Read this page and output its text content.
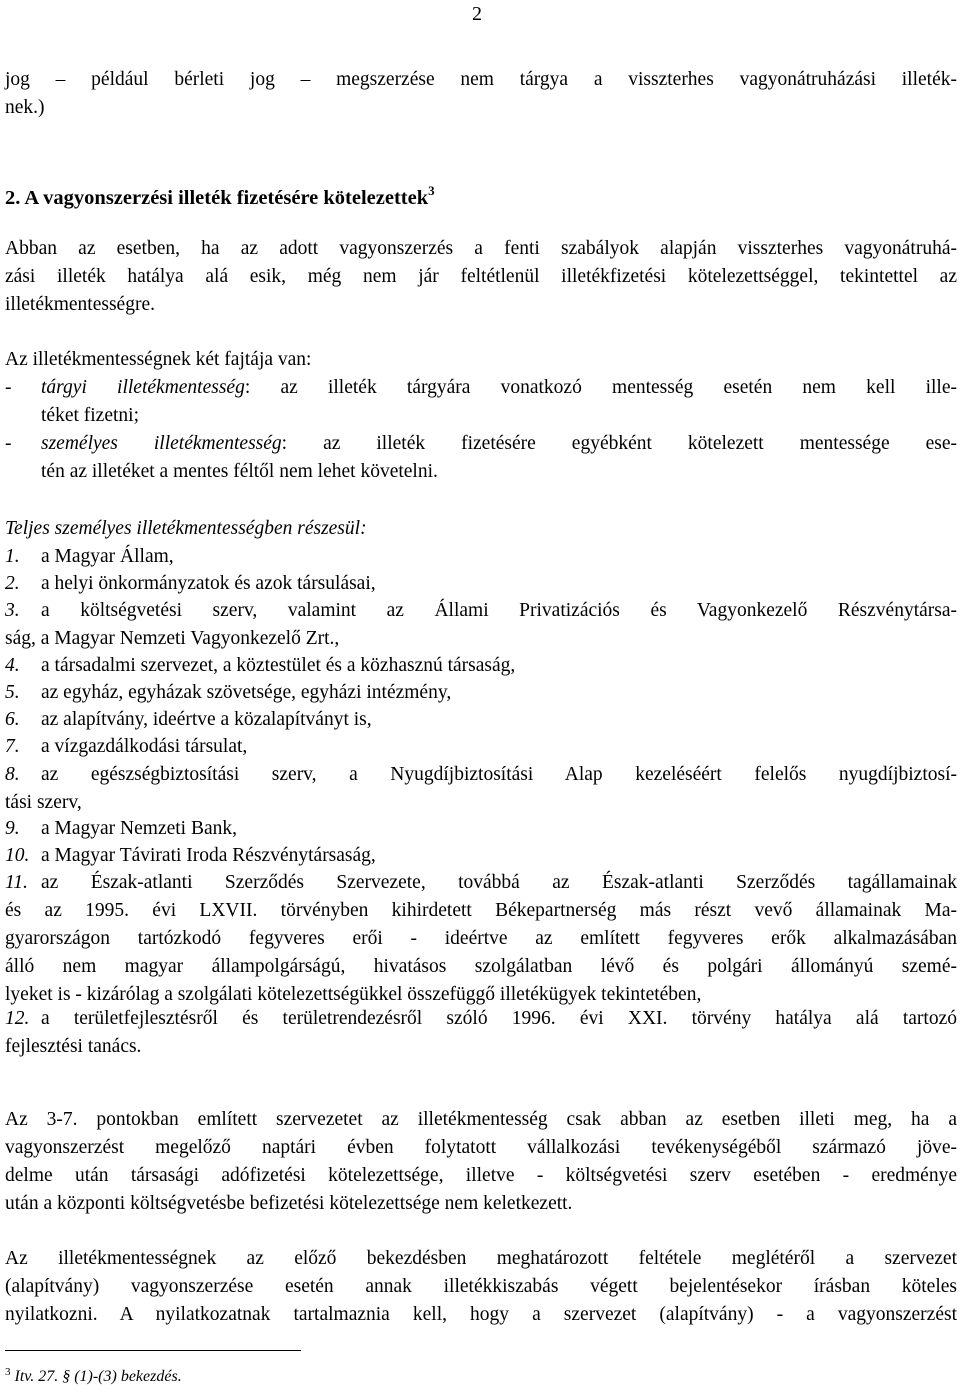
2
jog – például bérleti jog – megszerzése nem tárgya a visszterhes vagyonátruházási illeték-
nek.)
2. A vagyonszerzési illeték fizetésére kötelezettek$^3$
Abban az esetben, ha az adott vagyonszerzés a fenti szabályok alapján visszterhes vagyonátruhá-
zási illeték hatálya alá esik, még nem jár feltétlenül illetékfizetési kötelezettséggel, tekintettel az
illetékmentességre.
Az illetékmentességnek két fajtája van:
- tárgyi illetékmentesség: az illeték tárgyára vonatkozó mentesség esetén nem kell ille-
téket fizetni;
- személyes illetékmentesség: az illeték fizetésére egyébként kötelezett mentessége ese-
tén az illetéket a mentes féltől nem lehet követelni.
Teljes személyes illetékmentességben részesül:
1.	a Magyar Állam,
2.	a helyi önkormányzatok és azok társulásai,
3.	a költségvetési szerv, valamint az Állami Privatizációs és Vagyonkezelő Részvénytársa-
ság, a Magyar Nemzeti Vagyonkezelő Zrt.,
4.	a társadalmi szervezet, a köztestület és a közhasznú társaság,
5.	az egyház, egyházak szövetsége, egyházi intézmény,
6.	az alapítvány, ideértve a közalapítványt is,
7.	a vízgazdálkodási társulat,
8.	az egészségbiztosítási szerv, a Nyugdíjbiztosítási Alap kezeléséért felelős nyugdíjbiztosí-
tási szerv,
9.	a Magyar Nemzeti Bank,
10. a Magyar Távirati Iroda Részvénytársaság,
11. az Észak-atlanti Szerződés Szervezete, továbbá az Észak-atlanti Szerződés tagállamainak
és az 1995. évi LXVII. törvényben kihirdetett Békepartnerség más részt vevő államainak Ma-
gyarországon tartózkodó fegyveres erői - ideértve az említett fegyveres erők alkalmazásában
álló nem magyar állampolgárságú, hivatásos szolgálatban lévő és polgári állományú szemé-
lyeket is - kizárólag a szolgálati kötelezettségükkel összefüggő illetékügyek tekintetében,
12. a területfejlesztésről és területrendezésről szóló 1996. évi XXI. törvény hatálya alá tartozó
fejlesztési tanács.
Az 3-7. pontokban említett szervezetet az illetékmentesség csak abban az esetben illeti meg, ha a
vagyonszerzést megelőző naptári évben folytatott vállalkozási tevékenységéből származó jöve-
delme után társasági adófizetési kötelezettsége, illetve - költségvetési szerv esetében - eredménye
után a központi költségvetésbe befizetési kötelezettsége nem keletkezett.
Az illetékmentességnek az előző bekezdésben meghatározott feltétele meglétéről a szervezet
(alapítvány) vagyonszerzése esetén annak illetékkiszabás végett bejelentésekor írásban köteles
nyilatkozni. A nyilatkozatnak tartalmaznia kell, hogy a szervezet (alapítvány) - a vagyonszerzést
$^3$ Itv. 27. § (1)-(3) bekezdés.
